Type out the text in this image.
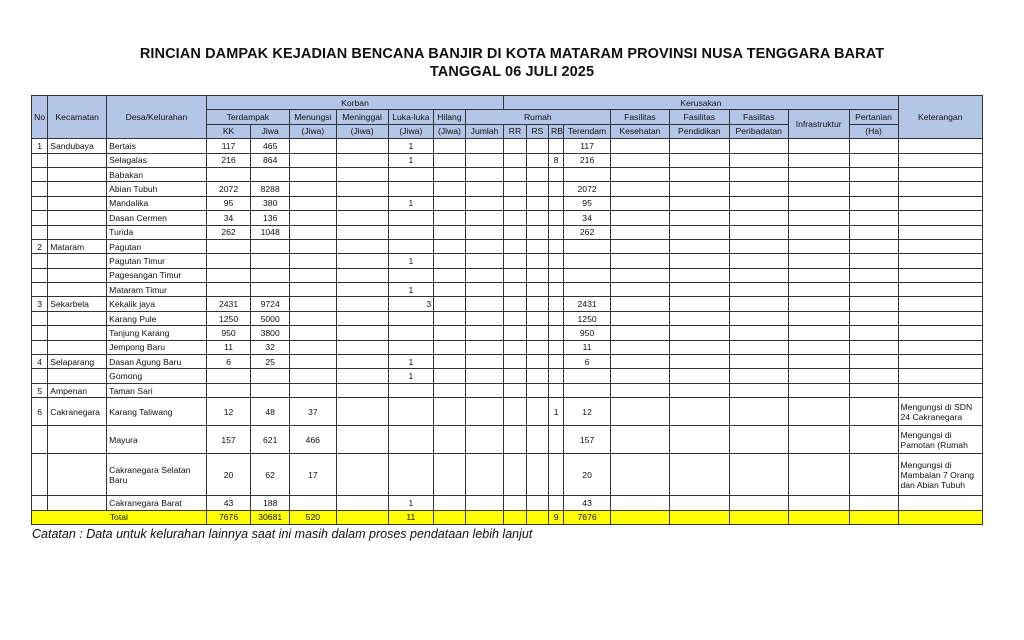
RINCIAN DAMPAK KEJADIAN BENCANA BANJIR DI KOTA MATARAM PROVINSI NUSA TENGGARA BARAT
TANGGAL 06 JULI 2025
No	Kecamatan	Desa/Kelurahan	Korban							Kerusakan									Keterangan
			Terdampak		Menungsi	Meninggal	Luka-luka	Hilang	Rumah					Fasilitas	Fasilitas	Fasilitas	Infrastruktur	Pertanian	
			KK	Jiwa	(Jiwa)	(Jiwa)	(Jiwa)	(Jiwa)	Jumlah	RR	RS	RB	Terendam	Kesehatan	Pendidikan	Peribadatan		(Ha)	
1	Sandubaya	Bertais	117	465			1						117						
		Selagalas	216	864			1					8	216						
		Babakan																	
		Abian Tubuh	2072	8288									2072						
		Mandalika	95	380			1						95						
		Dasan Cermen	34	136									34						
		Turida	262	1048									262						
2	Mataram	Pagutan																	
		Pagutan Timur					1												
		Pagesangan Timur																	
		Mataram Timur					1												
3	Sekarbela	Kekalik jaya	2431	9724			3						2431						
		Karang Pule	1250	5000									1250						
		Tanjung Karang	950	3800									950						
		Jempong Baru	11	32									11						
4	Selaparang	Dasan Agung Baru	6	25			1						6						
		Gomong					1												
5	Ampenan	Taman Sari																	
6	Cakranegara	Karang Taliwang	12	48	37							1	12						Mengungsi di SDN 24 Cakranegara
		Mayura	157	621	466								157						Mengungsi di Pamotan (Rumah
		Cakranegara Selatan Baru	20	62	17								20						Mengungsi di Mambalan 7 Orang dan Abian Tubuh
		Cakranegara Barat	43	188			1						43						
Total			7676	30681	520		11					9	7676						
Catatan : Data untuk kelurahan lainnya saat ini masih dalam proses pendataan lebih lanjut
